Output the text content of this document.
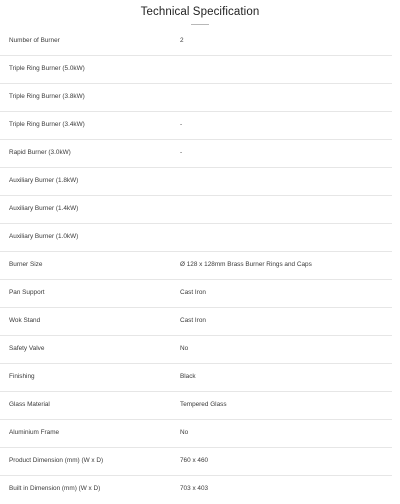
Technical Specification
Number of Burner	2
Triple Ring Burner (5.0kW)
Triple Ring Burner (3.8kW)
Triple Ring Burner (3.4kW)	-
Rapid Burner (3.0kW)	-
Auxiliary Burner (1.8kW)
Auxiliary Burner (1.4kW)
Auxiliary Burner (1.0kW)
Burner Size	Ø 128 x 128mm Brass Burner Rings and Caps
Pan Support	Cast Iron
Wok Stand	Cast Iron
Safety Valve	No
Finishing	Black
Glass Material	Tempered Glass
Aluminium Frame	No
Product Dimension (mm) (W x D)	760 x 460
Built in Dimension (mm) (W x D)	703 x 403
